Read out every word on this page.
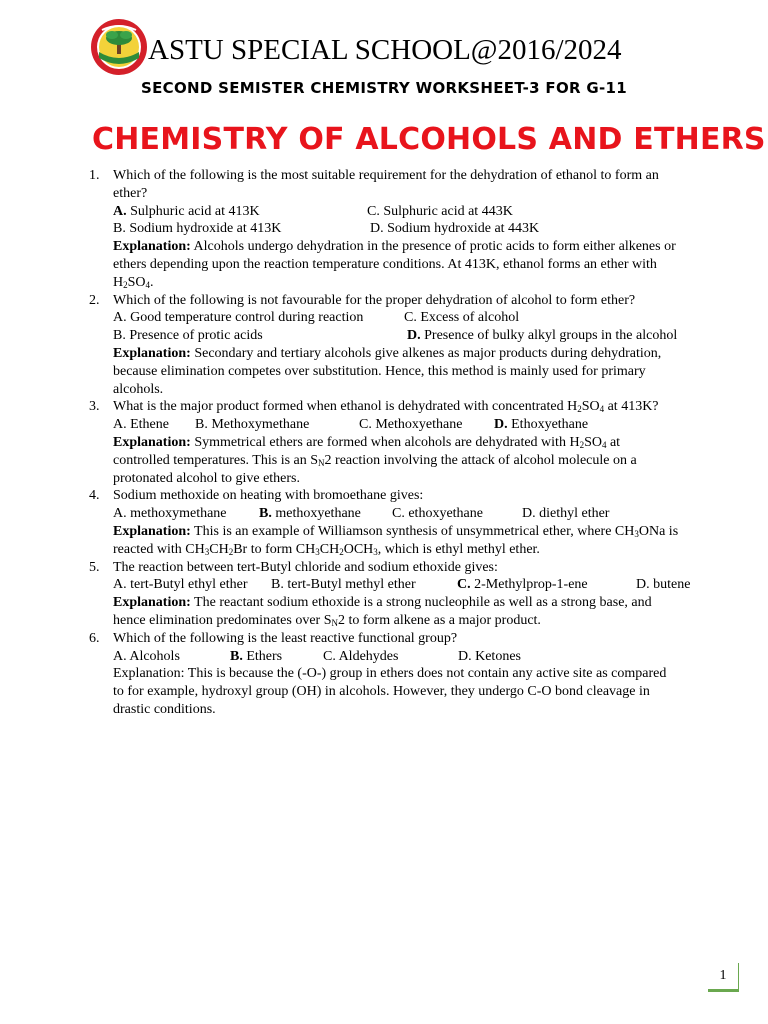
ASTU SPECIAL SCHOOL@2016/2024
SECOND SEMISTER CHEMISTRY WORKSHEET-3 FOR G-11
CHEMISTRY OF ALCOHOLS AND ETHERS
1. Which of the following is the most suitable requirement for the dehydration of ethanol to form an
ether?
A. Sulphuric acid at 413K	C. Sulphuric acid at 443K
B. Sodium hydroxide at 413K	D. Sodium hydroxide at 443K
Explanation: Alcohols undergo dehydration in the presence of protic acids to form either alkenes or
ethers depending upon the reaction temperature conditions. At 413K, ethanol forms an ether with
$H_2SO_4$.
2. Which of the following is not favourable for the proper dehydration of alcohol to form ether?
A. Good temperature control during reaction	C. Excess of alcohol
B. Presence of protic acids	D. Presence of bulky alkyl groups in the alcohol
Explanation: Secondary and tertiary alcohols give alkenes as major products during dehydration,
because elimination competes over substitution. Hence, this method is mainly used for primary
alcohols.
3. What is the major product formed when ethanol is dehydrated with concentrated $H_2SO_4$ at 413K?
A. Ethene B. Methoxymethane	C. Methoxyethane D. Ethoxyethane
Explanation: Symmetrical ethers are formed when alcohols are dehydrated with $H_2SO_4$ at
controlled temperatures. This is an $S_N2$ reaction involving the attack of alcohol molecule on a
protonated alcohol to give ethers.
4. Sodium methoxide on heating with bromoethane gives:
A. methoxymethane B. methoxyethane C. ethoxyethane	D. diethyl ether
Explanation: This is an example of Williamson synthesis of unsymmetrical ether, where $CH_3ONa$ is
reacted with $CH_3CH_2Br$ to form $CH_3CH_2OCH_3$, which is ethyl methyl ether.
5. The reaction between tert-Butyl chloride and sodium ethoxide gives:
A. tert-Butyl ethyl ether B. tert-Butyl methyl ether	C. 2-Methylprop-1-ene	D. butene
Explanation: The reactant sodium ethoxide is a strong nucleophile as well as a strong base, and
hence elimination predominates over $S_N2$ to form alkene as a major product.
6. Which of the following is the least reactive functional group?
A. Alcohols	B. Ethers	C. Aldehydes	D. Ketones
Explanation: This is because the (-O-) group in ethers does not contain any active site as compared
to for example, hydroxyl group (OH) in alcohols. However, they undergo C-O bond cleavage in
drastic conditions.
1
